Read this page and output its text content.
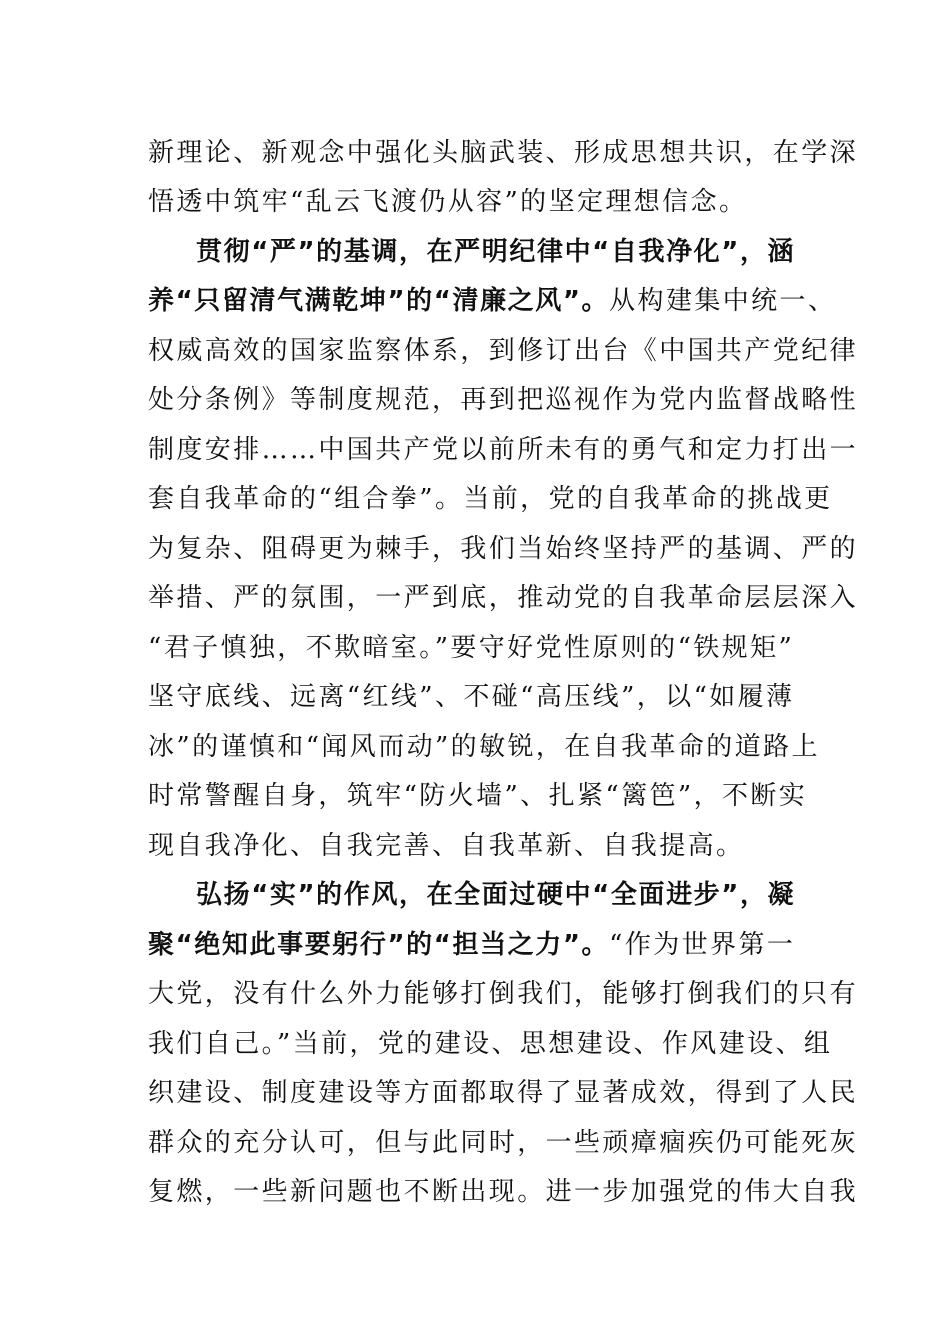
新理论、新观念中强化头脑武装、形成思想共识，在学深
悟透中筑牢“乱云飞渡仍从容”的坚定理想信念。
贯彻“严”的基调，在严明纪律中“自我净化”，涵
养“只留清气满乾坤”的“清廉之风”。从构建集中统一、
权威高效的国家监察体系，到修订出台《中国共产党纪律
处分条例》等制度规范，再到把巡视作为党内监督战略性
制度安排……中国共产党以前所未有的勇气和定力打出一
套自我革命的“组合拳”。当前，党的自我革命的挑战更
为复杂、阻碍更为棘手，我们当始终坚持严的基调、严的
举措、严的氛围，一严到底，推动党的自我革命层层深入
“君子慎独，不欺暗室。”要守好党性原则的“铁规矩”
坚守底线、远离“红线”、不碰“高压线”，以“如履薄
冰”的谨慎和“闻风而动”的敏锐，在自我革命的道路上
时常警醒自身，筑牢“防火墙”、扎紧“篱笆”，不断实
现自我净化、自我完善、自我革新、自我提高。
弘扬“实”的作风，在全面过硬中“全面进步”，凝
聚“绝知此事要躬行”的“担当之力”。“作为世界第一
大党，没有什么外力能够打倒我们，能够打倒我们的只有
我们自己。”当前，党的建设、思想建设、作风建设、组
织建设、制度建设等方面都取得了显著成效，得到了人民
群众的充分认可，但与此同时，一些顽瘴痼疾仍可能死灰
复燃，一些新问题也不断出现。进一步加强党的伟大自我
